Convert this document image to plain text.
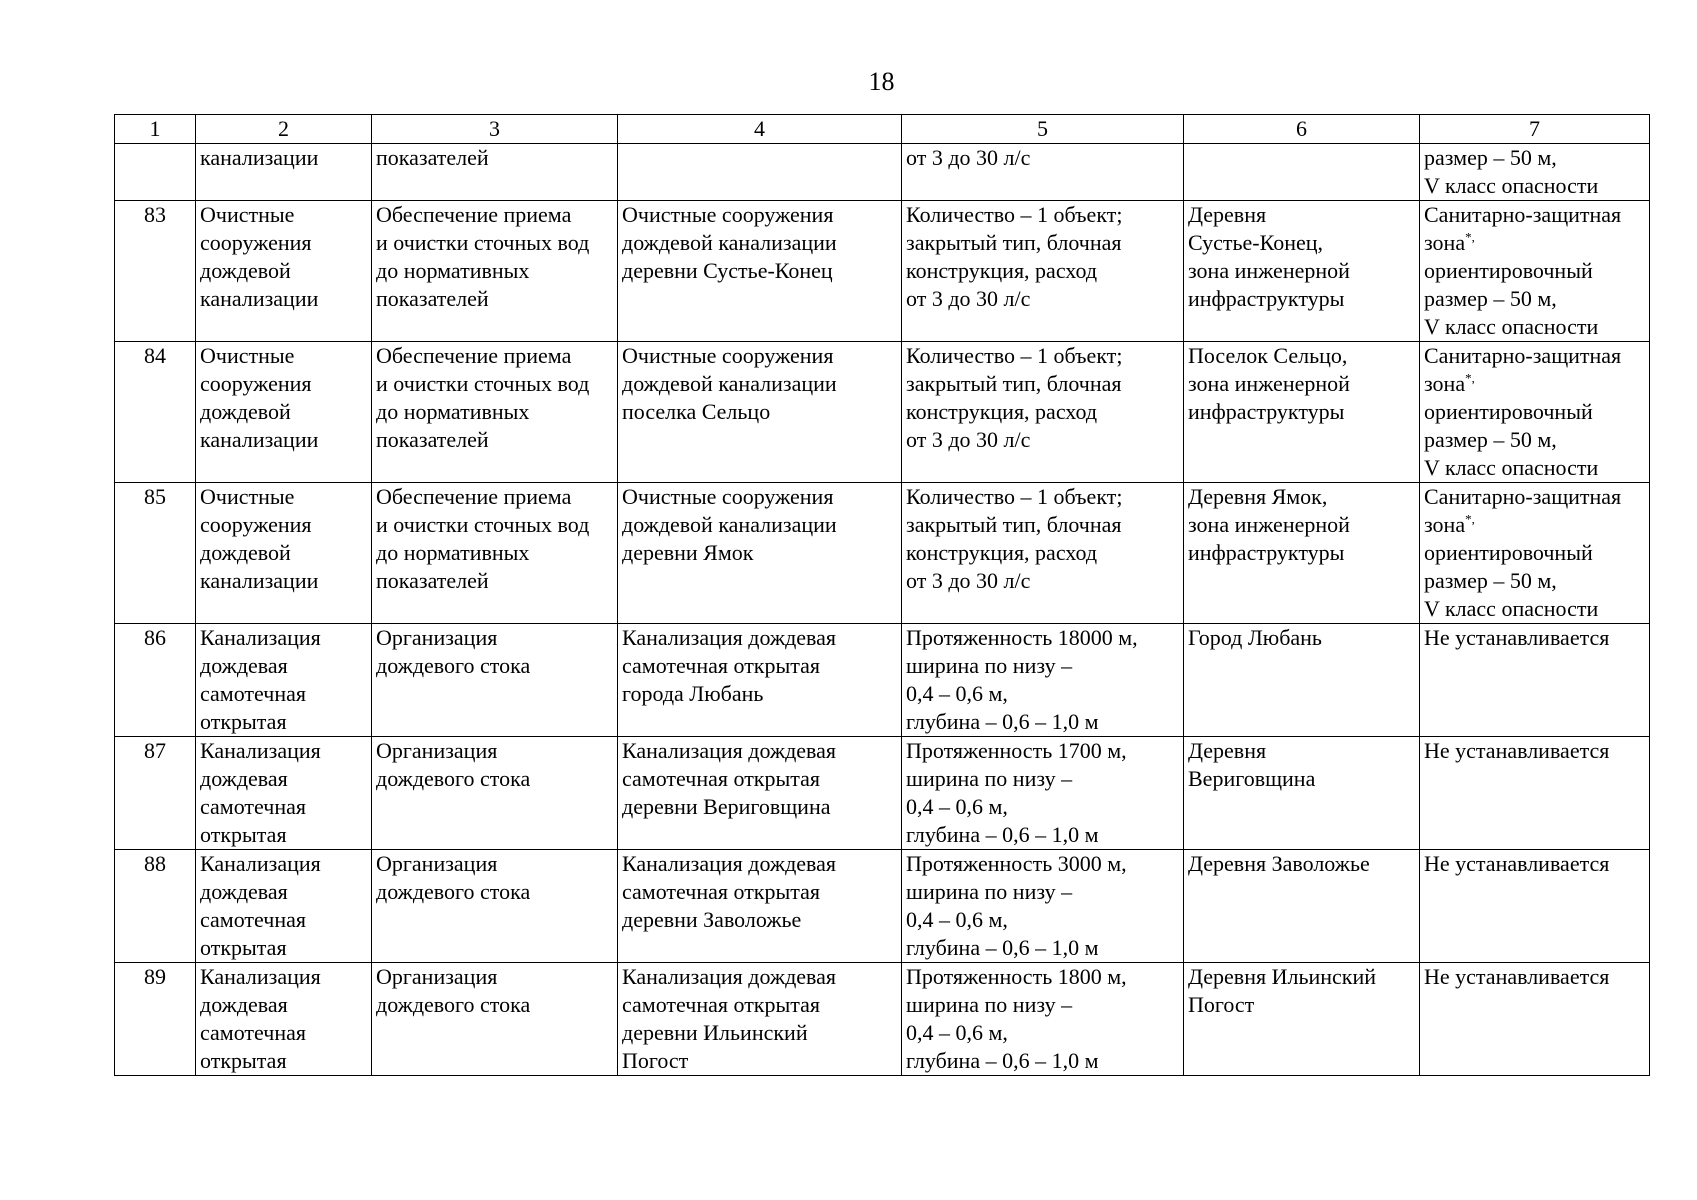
18
1	2	3	4	5	6	7
	канализации	показателей		от 3 до 30 л/с		размер – 50 м,
V класс опасности
83	Очистные
сооружения
дождевой
канализации	Обеспечение приема
и очистки сточных вод
до нормативных
показателей	Очистные сооружения
дождевой канализации
деревни Сустье-Конец	Количество – 1 объект;
закрытый тип, блочная
конструкция, расход
от 3 до 30 л/с	Деревня
Сустье-Конец,
зона инженерной
инфраструктуры	Санитарно-защитная
зона*,
ориентировочный
размер – 50 м,
V класс опасности
84	Очистные
сооружения
дождевой
канализации	Обеспечение приема
и очистки сточных вод
до нормативных
показателей	Очистные сооружения
дождевой канализации
поселка Сельцо	Количество – 1 объект;
закрытый тип, блочная
конструкция, расход
от 3 до 30 л/с	Поселок Сельцо,
зона инженерной
инфраструктуры	Санитарно-защитная
зона*,
ориентировочный
размер – 50 м,
V класс опасности
85	Очистные
сооружения
дождевой
канализации	Обеспечение приема
и очистки сточных вод
до нормативных
показателей	Очистные сооружения
дождевой канализации
деревни Ямок	Количество – 1 объект;
закрытый тип, блочная
конструкция, расход
от 3 до 30 л/с	Деревня Ямок,
зона инженерной
инфраструктуры	Санитарно-защитная
зона*,
ориентировочный
размер – 50 м,
V класс опасности
86	Канализация
дождевая
самотечная
открытая	Организация
дождевого стока	Канализация дождевая
самотечная открытая
города Любань	Протяженность 18000 м,
ширина по низу –
0,4 – 0,6 м,
глубина – 0,6 – 1,0 м	Город Любань	Не устанавливается
87	Канализация
дождевая
самотечная
открытая	Организация
дождевого стока	Канализация дождевая
самотечная открытая
деревни Вериговщина	Протяженность 1700 м,
ширина по низу –
0,4 – 0,6 м,
глубина – 0,6 – 1,0 м	Деревня
Вериговщина	Не устанавливается
88	Канализация
дождевая
самотечная
открытая	Организация
дождевого стока	Канализация дождевая
самотечная открытая
деревни Заволожье	Протяженность 3000 м,
ширина по низу –
0,4 – 0,6 м,
глубина – 0,6 – 1,0 м	Деревня Заволожье	Не устанавливается
89	Канализация
дождевая
самотечная
открытая	Организация
дождевого стока	Канализация дождевая
самотечная открытая
деревни Ильинский
Погост	Протяженность 1800 м,
ширина по низу –
0,4 – 0,6 м,
глубина – 0,6 – 1,0 м	Деревня Ильинский
Погост	Не устанавливается
